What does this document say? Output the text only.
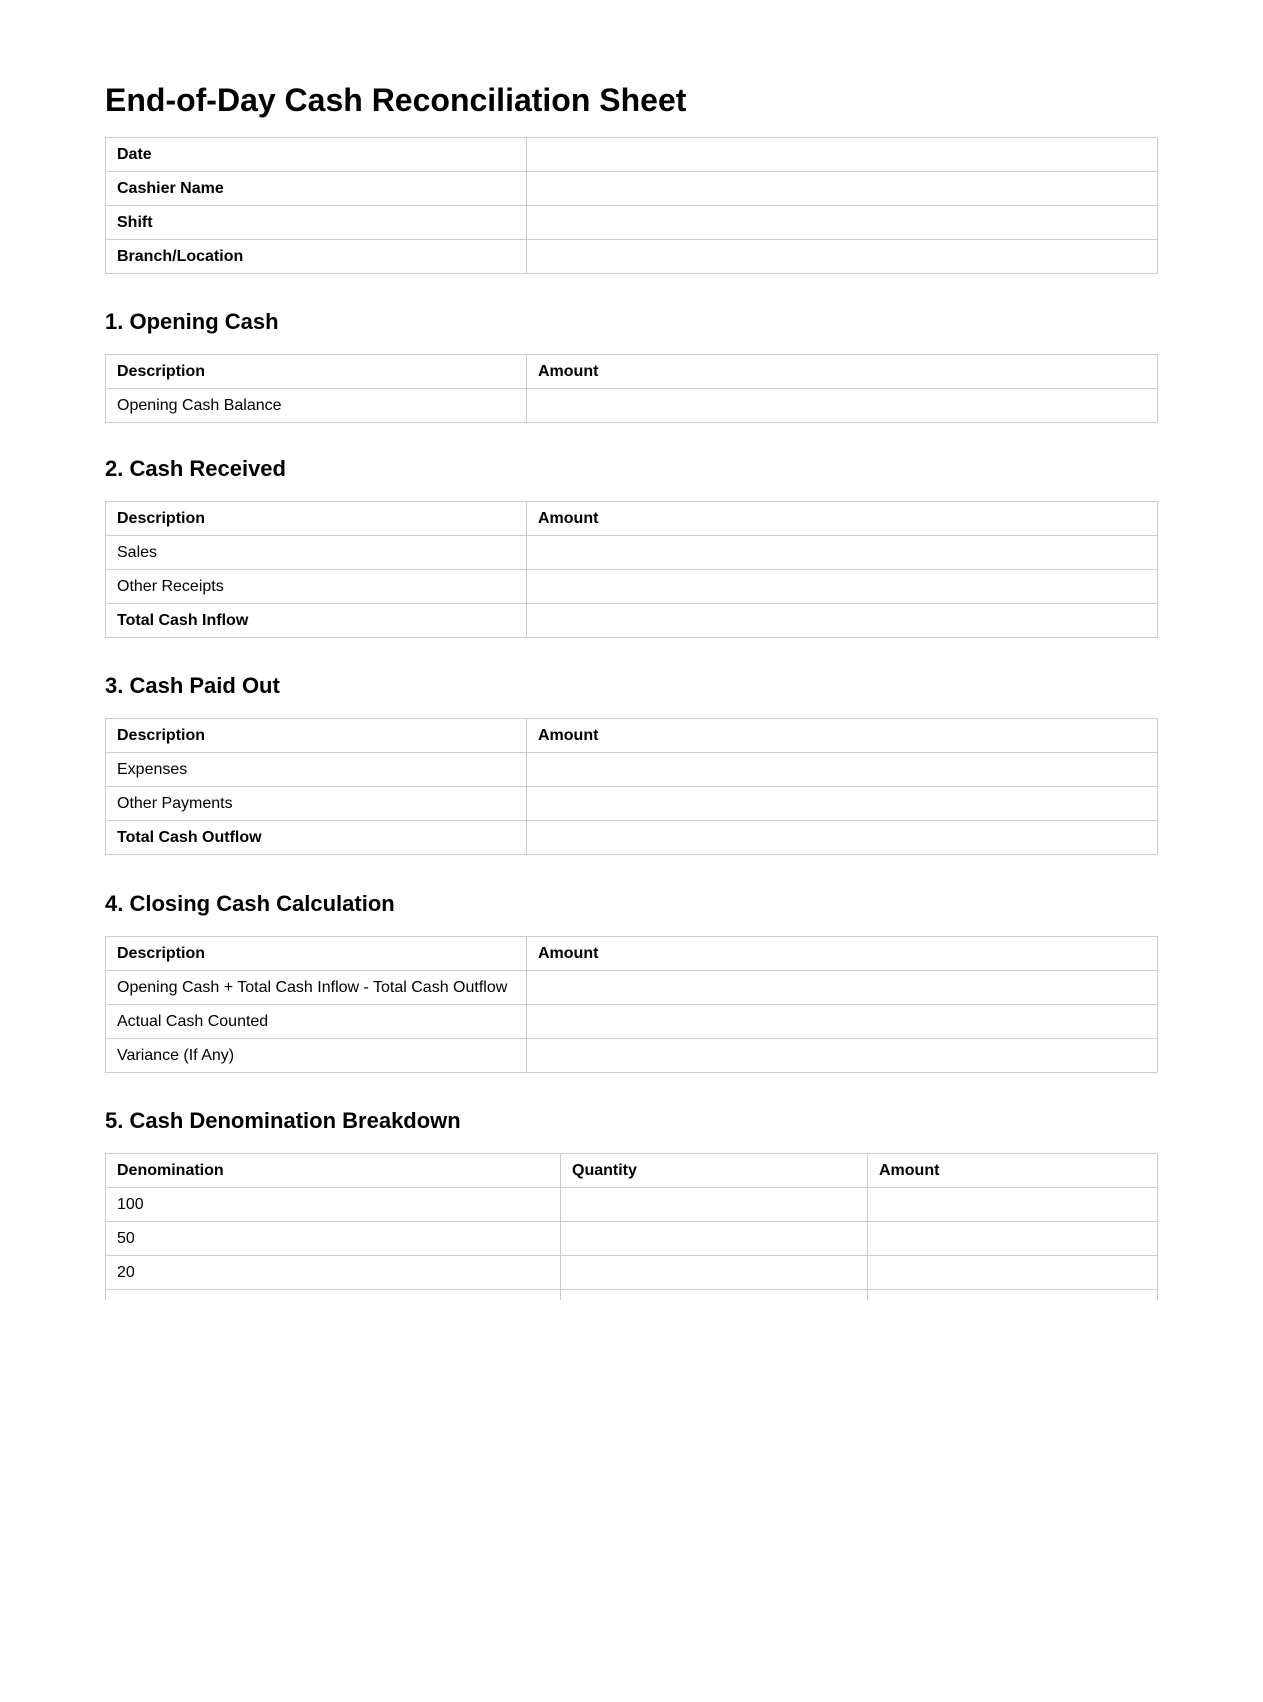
End-of-Day Cash Reconciliation Sheet
Date	
Cashier Name	
Shift	
Branch/Location	
1. Opening Cash
Description	Amount
Opening Cash Balance	
2. Cash Received
Description	Amount
Sales	
Other Receipts	
Total Cash Inflow	
3. Cash Paid Out
Description	Amount
Expenses	
Other Payments	
Total Cash Outflow	
4. Closing Cash Calculation
Description	Amount
Opening Cash + Total Cash Inflow - Total Cash Outflow	
Actual Cash Counted	
Variance (If Any)	
5. Cash Denomination Breakdown
Denomination	Quantity	Amount
100		
50		
20		
